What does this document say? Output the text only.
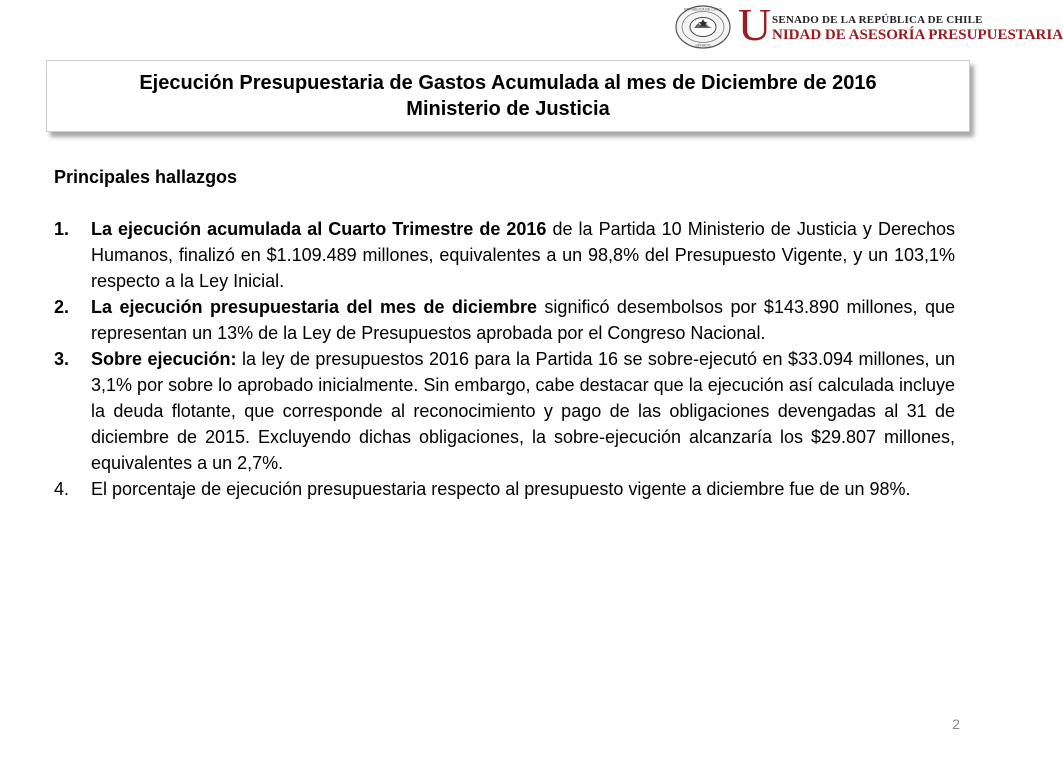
REPÚBLICA DE CHILE
SENADO U SENADO DE LA REPÚBLICA DE CHILE
NIDAD DE ASESORÍA PRESUPUESTARIA
Ejecución Presupuestaria de Gastos Acumulada al mes de Diciembre de 2016
Ministerio de Justicia
Principales hallazgos
1. La ejecución acumulada al Cuarto Trimestre de 2016 de la Partida 10 Ministerio de Justicia y Derechos Humanos, finalizó en $1.109.489 millones, equivalentes a un 98,8% del Presupuesto Vigente, y un 103,1% respecto a la Ley Inicial.
2. La ejecución presupuestaria del mes de diciembre significó desembolsos por $143.890 millones, que representan un 13% de la Ley de Presupuestos aprobada por el Congreso Nacional.
3. Sobre ejecución: la ley de presupuestos 2016 para la Partida 16 se sobre-ejecutó en $33.094 millones, un 3,1% por sobre lo aprobado inicialmente. Sin embargo, cabe destacar que la ejecución así calculada incluye la deuda flotante, que corresponde al reconocimiento y pago de las obligaciones devengadas al 31 de diciembre de 2015. Excluyendo dichas obligaciones, la sobre-ejecución alcanzaría los $29.807 millones, equivalentes a un 2,7%.
4. El porcentaje de ejecución presupuestaria respecto al presupuesto vigente a diciembre fue de un 98%.
2
